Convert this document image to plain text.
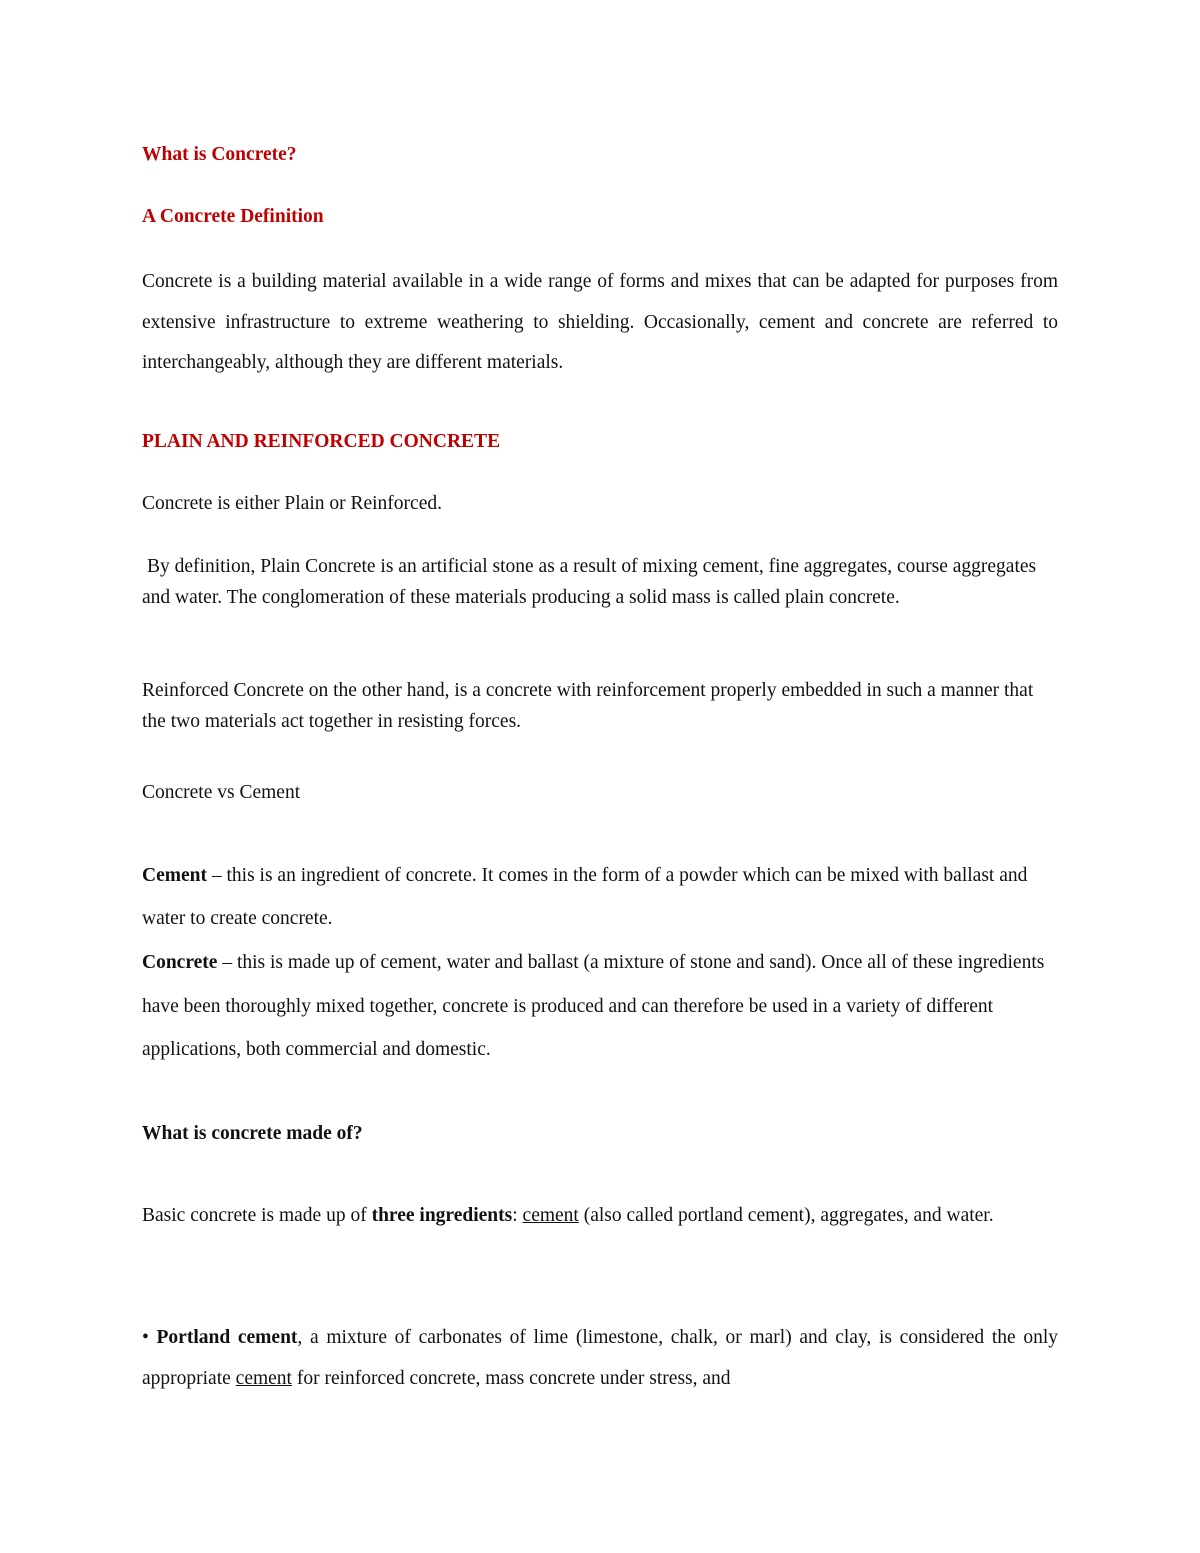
What is Concrete?

A Concrete Definition

Concrete is a building material available in a wide range of forms and mixes that can be adapted for purposes from extensive infrastructure to extreme weathering to shielding. Occasionally, cement and concrete are referred to interchangeably, although they are different materials.

PLAIN AND REINFORCED CONCRETE

Concrete is either Plain or Reinforced.

By definition, Plain Concrete is an artificial stone as a result of mixing cement, fine aggregates, course aggregates and water. The conglomeration of these materials producing a solid mass is called plain concrete.

Reinforced Concrete on the other hand, is a concrete with reinforcement properly embedded in such a manner that the two materials act together in resisting forces.

Concrete vs Cement

Cement – this is an ingredient of concrete. It comes in the form of a powder which can be mixed with ballast and water to create concrete.

Concrete – this is made up of cement, water and ballast (a mixture of stone and sand). Once all of these ingredients have been thoroughly mixed together, concrete is produced and can therefore be used in a variety of different applications, both commercial and domestic.

What is concrete made of?

Basic concrete is made up of three ingredients: cement (also called portland cement), aggregates, and water.

• Portland cement, a mixture of carbonates of lime (limestone, chalk, or marl) and clay, is considered the only appropriate cement for reinforced concrete, mass concrete under stress, and
